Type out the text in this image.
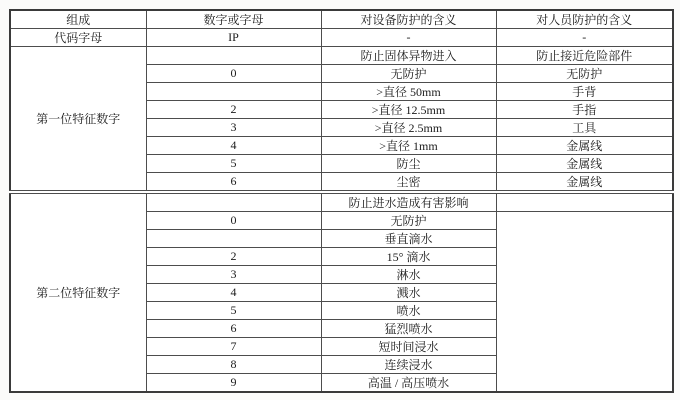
组成	数字或字母	对设备防护的含义	对人员防护的含义
代码字母	IP	-	-
第一位特征数字		防止固体异物进入	防止接近危险部件
	0	无防护	无防护
		>直径 50mm	手背
	2	>直径 12.5mm	手指
	3	>直径 2.5mm	工具
	4	>直径 1mm	金属线
	5	防尘	金属线
	6	尘密	金属线
第二位特征数字		防止进水造成有害影响	
	0	无防护	
		垂直滴水	
	2	15° 滴水	
	3	淋水	
	4	溅水	
	5	喷水	
	6	猛烈喷水	
	7	短时间浸水	
	8	连续浸水	
	9	高温 / 高压喷水	
